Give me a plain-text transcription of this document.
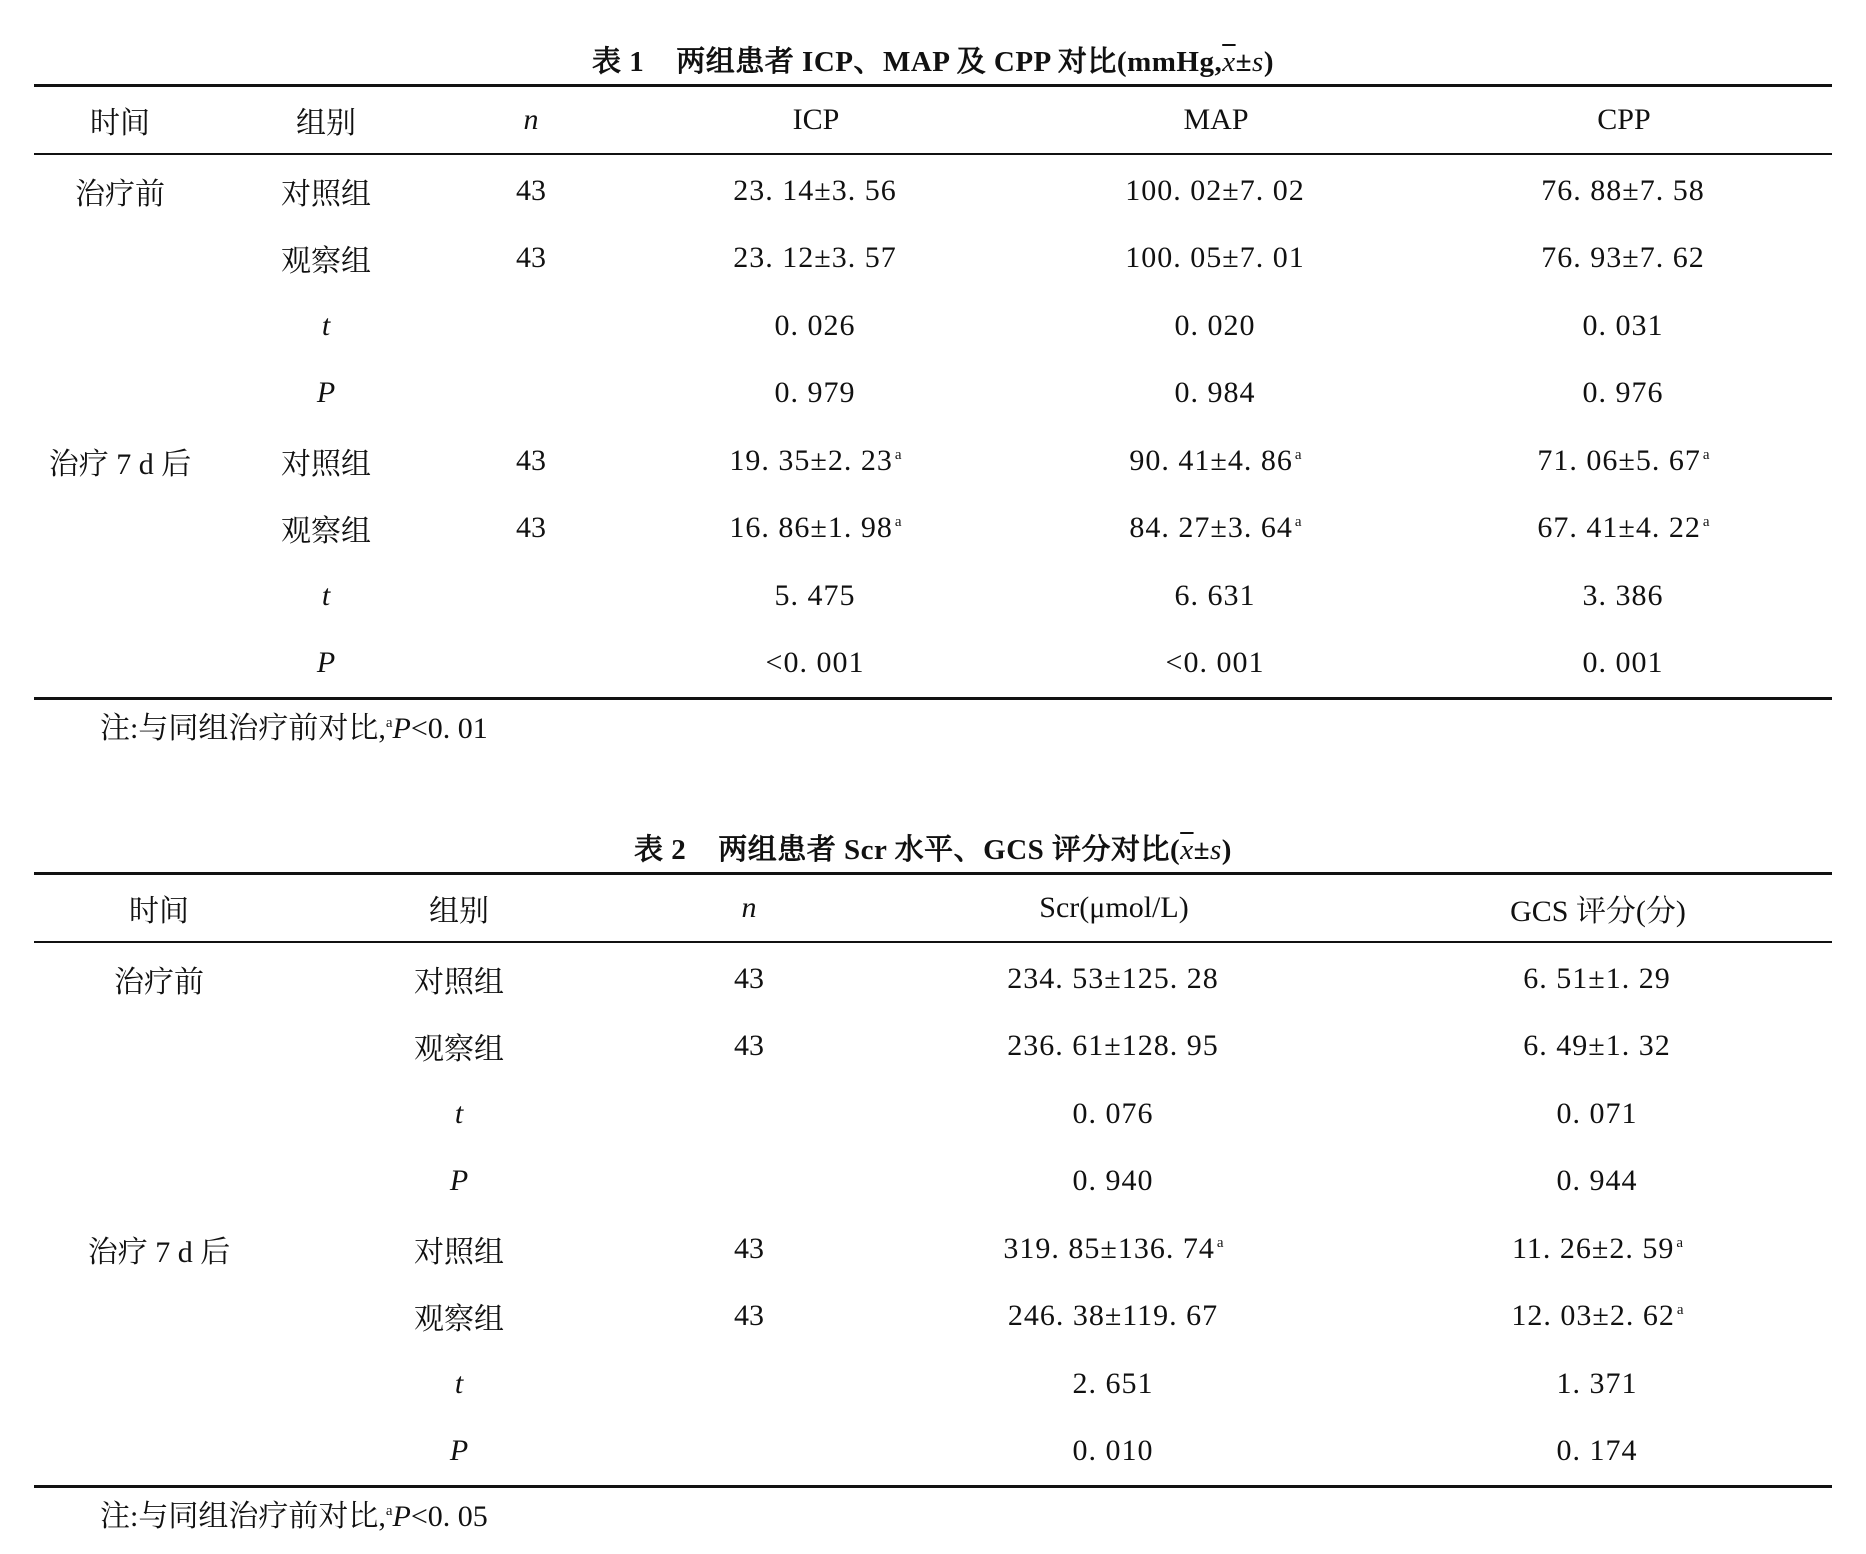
表 1 两组患者 ICP、MAP 及 CPP 对比$(mmHg,\overline{x}\pm s)$
时间	组别	n	ICP	MAP	CPP
治疗前	对照组	43	23. 14±3. 56	100. 02±7. 02	76. 88±7. 58
	观察组	43	23. 12±3. 57	100. 05±7. 01	76. 93±7. 62
	t		0. 026	0. 020	0. 031
	P		0. 979	0. 984	0. 976
治疗 7 d 后	对照组	43	19. 35±2. 23 $^a$	90. 41±4. 86 $^a$	71. 06±5. 67 $^a$
	观察组	43	16. 86±1. 98 $^a$	84. 27±3. 64 $^a$	67. 41±4. 22 $^a$
	t		5. 475	6. 631	3. 386
	P		<0. 001	<0. 001	0. 001
注:与同组治疗前对比,$^a$P<0. 01
表 2 两组患者 Scr 水平、GCS 评分对比$(\overline{x}\pm s)$
时间	组别	n	Scr(μmol/L)	GCS 评分(分)
治疗前	对照组	43	234. 53±125. 28	6. 51±1. 29
	观察组	43	236. 61±128. 95	6. 49±1. 32
	t		0. 076	0. 071
	P		0. 940	0. 944
治疗 7 d 后	对照组	43	319. 85±136. 74 $^a$	11. 26±2. 59 $^a$
	观察组	43	246. 38±119. 67	12. 03±2. 62 $^a$
	t		2. 651	1. 371
	P		0. 010	0. 174
注:与同组治疗前对比,$^a$P<0. 05
